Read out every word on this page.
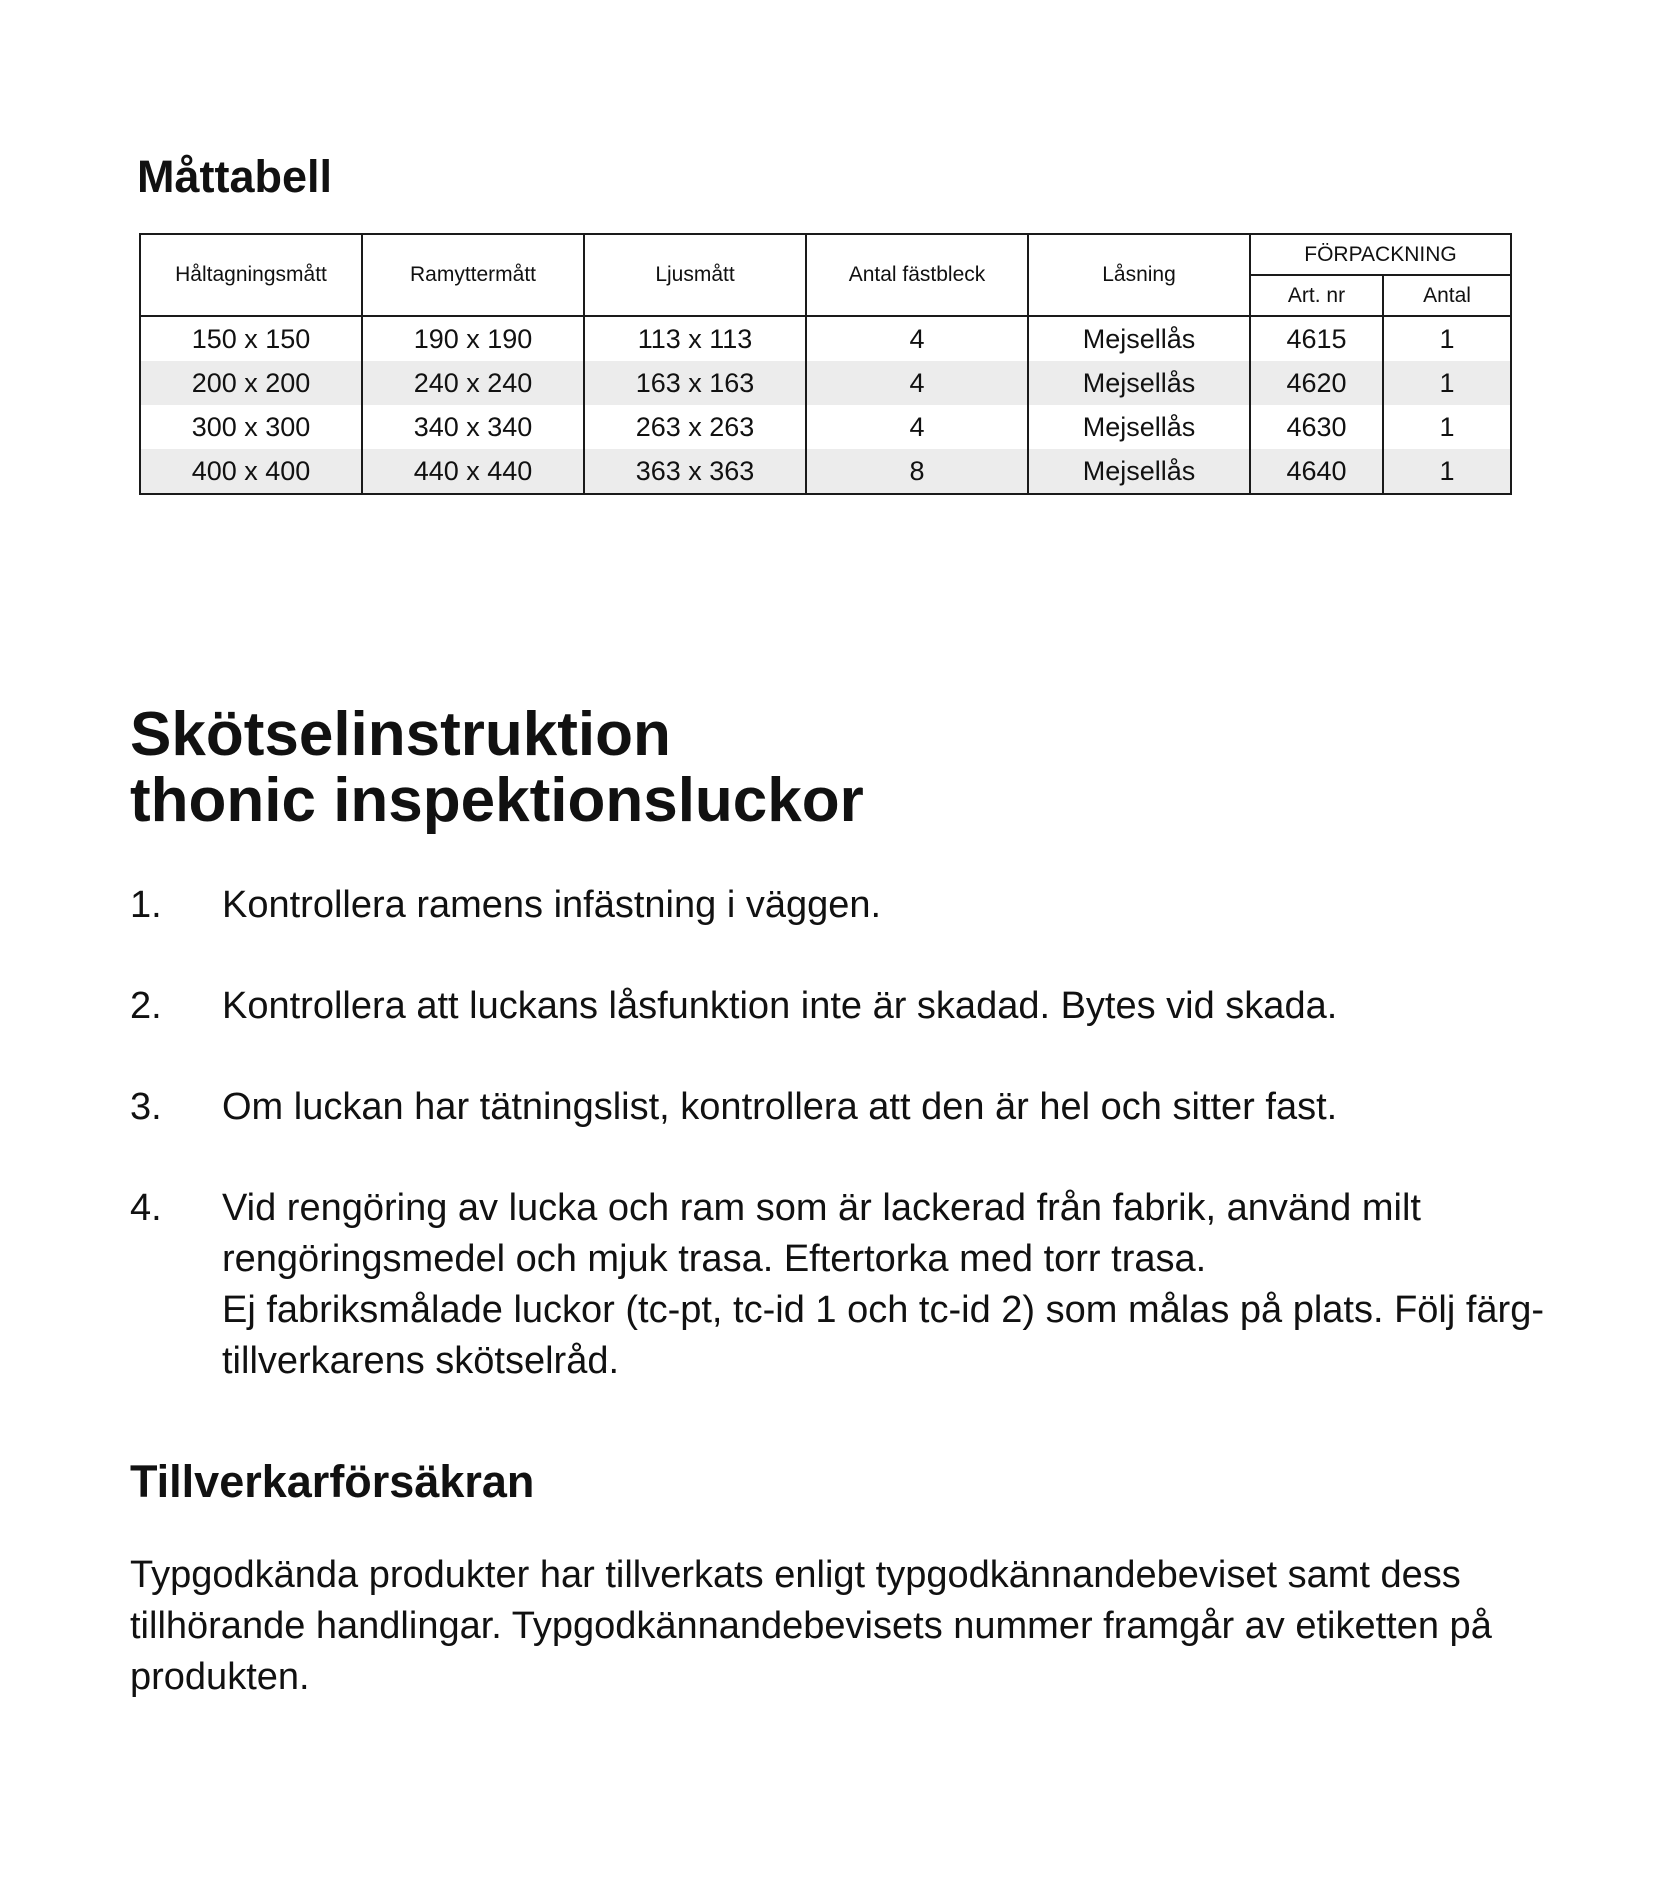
Måttabell
Håltagningsmått	Ramyttermått	Ljusmått	Antal fästbleck	Låsning	FÖRPACKNING	
					Art. nr	Antal
150 x 150	190 x 190	113 x 113	4	Mejsellås	4615	1
200 x 200	240 x 240	163 x 163	4	Mejsellås	4620	1
300 x 300	340 x 340	263 x 263	4	Mejsellås	4630	1
400 x 400	440 x 440	363 x 363	8	Mejsellås	4640	1
Skötselinstruktion
thonic inspektionsluckor
1. Kontrollera ramens infästning i väggen.
2. Kontrollera att luckans låsfunktion inte är skadad. Bytes vid skada.
3. Om luckan har tätningslist, kontrollera att den är hel och sitter fast.
4. Vid rengöring av lucka och ram som är lackerad från fabrik, använd milt rengöringsmedel och mjuk trasa. Eftertorka med torr trasa.
Ej fabriksmålade luckor (tc-pt, tc-id 1 och tc-id 2) som målas på plats. Följ färg-tillverkarens skötselråd.
Tillverkarförsäkran

Typgodkända produkter har tillverkats enligt typgodkännandebeviset samt dess tillhörande handlingar. Typgodkännandebevisets nummer framgår av etiketten på produkten.
